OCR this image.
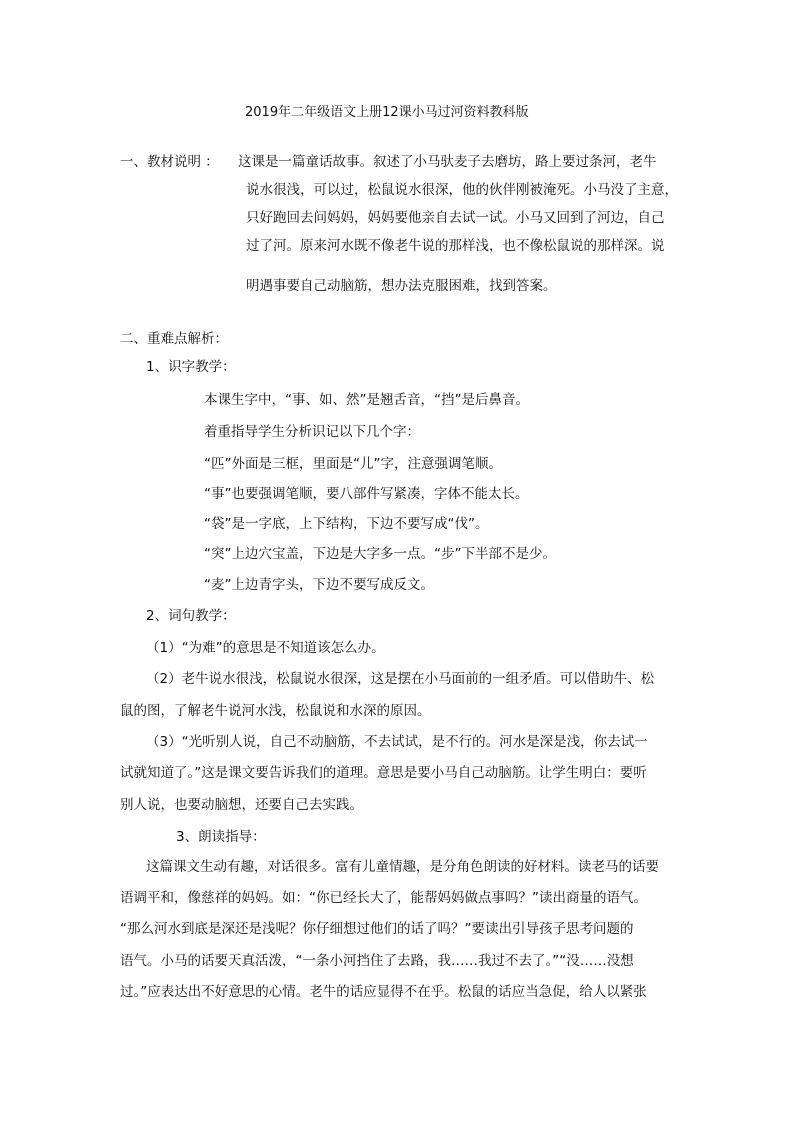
2019年二年级语文上册12课小马过河资料教科版
一、教材说明 ： 这课是一篇童话故事。叙述了小马驮麦子去磨坊，路上要过条河，老牛
说水很浅，可以过，松鼠说水很深，他的伙伴刚被淹死。小马没了主意，
只好跑回去问妈妈，妈妈要他亲自去试一试。小马又回到了河边，自己
过了河。原来河水既不像老牛说的那样浅，也不像松鼠说的那样深。说
明遇事要自己动脑筋，想办法克服困难，找到答案。
二、重难点解析：
1、识字教学：
本课生字中，“事、如、然”是翘舌音，“挡”是后鼻音。
着重指导学生分析识记以下几个字：
“匹”外面是三框，里面是“儿”字，注意强调笔顺。
“事”也要强调笔顺，要八部件写紧凑，字体不能太长。
“袋”是一字底，上下结构，下边不要写成“伐”。
“突”上边穴宝盖，下边是大字多一点。“步”下半部不是少。
“麦”上边青字头，下边不要写成反文。
2、词句教学：
（1）“为难”的意思是不知道该怎么办。
（2）老牛说水很浅，松鼠说水很深，这是摆在小马面前的一组矛盾。可以借助牛、松
鼠的图，了解老牛说河水浅，松鼠说和水深的原因。
（3）“光听别人说，自己不动脑筋，不去试试，是不行的。河水是深是浅，你去试一
试就知道了。”这是课文要告诉我们的道理。意思是要小马自己动脑筋。让学生明白：要听
别人说，也要动脑想，还要自己去实践。
3、朗读指导：
这篇课文生动有趣，对话很多。富有儿童情趣，是分角色朗读的好材料。读老马的话要
语调平和，像慈祥的妈妈。如：“你已经长大了，能帮妈妈做点事吗？”读出商量的语气。
“那么河水到底是深还是浅呢？你仔细想过他们的话了吗？”要读出引导孩子思考问题的
语气。小马的话要天真活泼，“一条小河挡住了去路，我……我过不去了。”“没……没想
过。”应表达出不好意思的心情。老牛的话应显得不在乎。松鼠的话应当急促，给人以紧张
